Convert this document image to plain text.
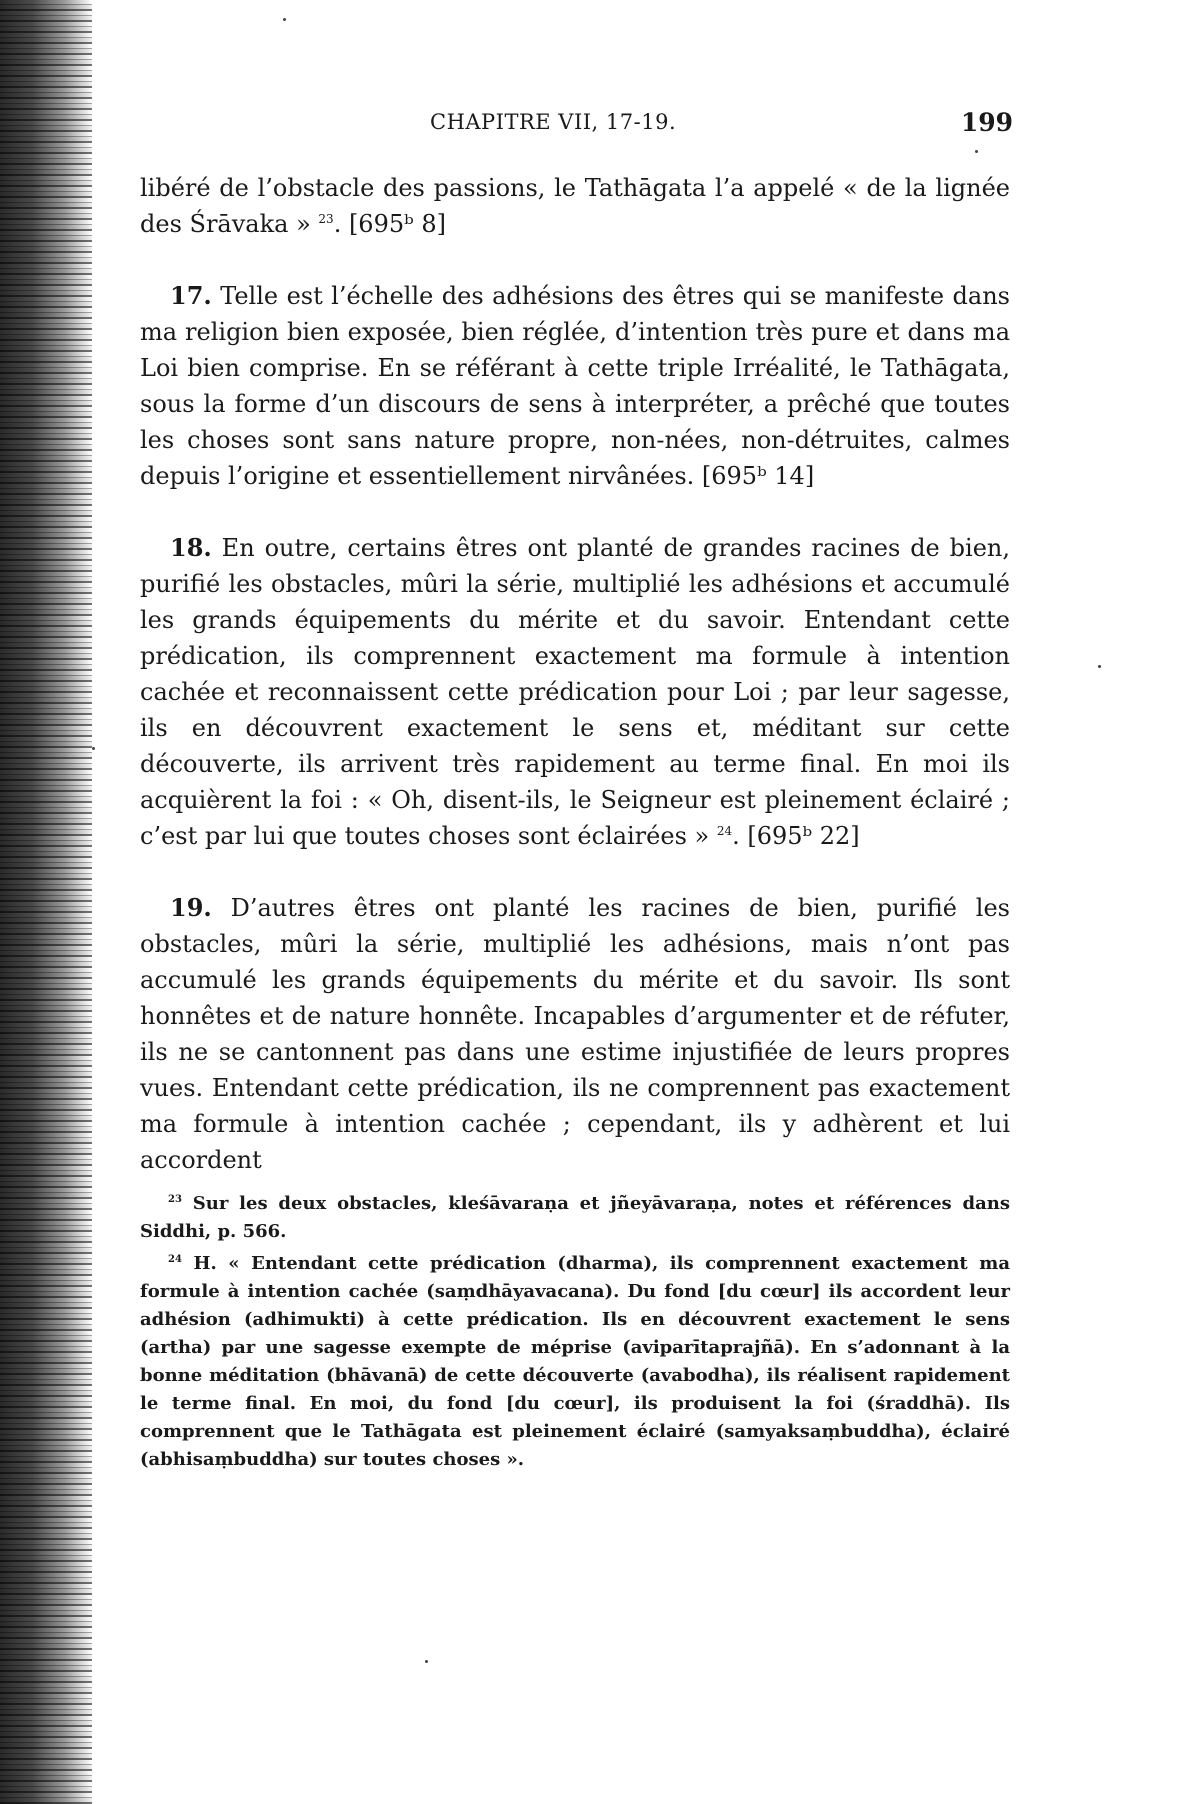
CHAPITRE VII, 17-19.	199

libéré de l’obstacle des passions, le Tathāgata l’a appelé « de la lignée des Śrāvaka » $^{23}$. [695ᵇ 8]

17. Telle est l’échelle des adhésions des êtres qui se manifeste dans ma religion bien exposée, bien réglée, d’intention très pure et dans ma Loi bien comprise. En se référant à cette triple Irréalité, le Tathāgata, sous la forme d’un discours de sens à interpréter, a prêché que toutes les choses sont sans nature propre, non-nées, non-détruites, calmes depuis l’origine et essentiellement nirvânées. [695ᵇ 14]

18. En outre, certains êtres ont planté de grandes racines de bien, purifié les obstacles, mûri la série, multiplié les adhésions et accumulé les grands équipements du mérite et du savoir. Entendant cette prédication, ils comprennent exactement ma formule à intention cachée et reconnaissent cette prédication pour Loi ; par leur sagesse, ils en découvrent exactement le sens et, méditant sur cette découverte, ils arrivent très rapidement au terme final. En moi ils acquièrent la foi : « Oh, disent-ils, le Seigneur est pleinement éclairé ; c’est par lui que toutes choses sont éclairées » $^{24}$. [695ᵇ 22]

19. D’autres êtres ont planté les racines de bien, purifié les obstacles, mûri la série, multiplié les adhésions, mais n’ont pas accumulé les grands équipements du mérite et du savoir. Ils sont honnêtes et de nature honnête. Incapables d’argumenter et de réfuter, ils ne se cantonnent pas dans une estime injustifiée de leurs propres vues. Entendant cette prédication, ils ne comprennent pas exactement ma formule à intention cachée ; cependant, ils y adhèrent et lui accordent

$^{23}$ Sur les deux obstacles, kleśāvaraṇa et jñeyāvaraṇa, notes et références dans Siddhi, p. 566.

$^{24}$ H. « Entendant cette prédication (dharma), ils comprennent exactement ma formule à intention cachée (saṃdhāyavacana). Du fond [du cœur] ils accordent leur adhésion (adhimukti) à cette prédication. Ils en découvrent exactement le sens (artha) par une sagesse exempte de méprise (aviparītaprajñā). En s’adonnant à la bonne méditation (bhāvanā) de cette découverte (avabodha), ils réalisent rapidement le terme final. En moi, du fond [du cœur], ils produisent la foi (śraddhā). Ils comprennent que le Tathāgata est pleinement éclairé (samyaksaṃbuddha), éclairé (abhisaṃbuddha) sur toutes choses ».
